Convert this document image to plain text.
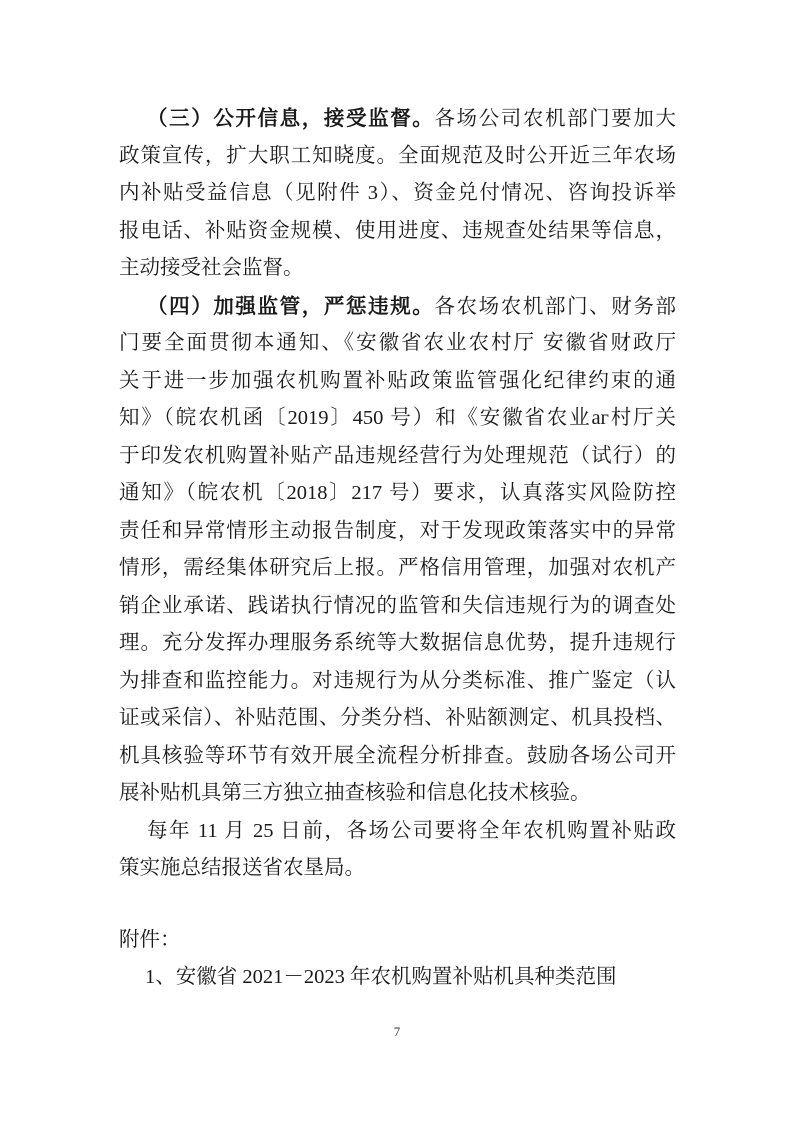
（三）公开信息，接受监督。各场公司农机部门要加大
政策宣传，扩大职工知晓度。全面规范及时公开近三年农场
内补贴受益信息（见附件 3）、资金兑付情况、咨询投诉举
报电话、补贴资金规模、使用进度、违规查处结果等信息，
主动接受社会监督。
（四）加强监管，严惩违规。各农场农机部门、财务部
门要全面贯彻本通知、《安徽省农业农村厅 安徽省财政厅
关于进一步加强农机购置补贴政策监管强化纪律约束的通
知》（皖农机函〔2019〕450 号）和《安徽省农业аг村厅关
于印发农机购置补贴产品违规经营行为处理规范（试行）的
通知》（皖农机〔2018〕217 号）要求，认真落实风险防控
责任和异常情形主动报告制度，对于发现政策落实中的异常
情形，需经集体研究后上报。严格信用管理，加强对农机产
销企业承诺、践诺执行情况的监管和失信违规行为的调查处
理。充分发挥办理服务系统等大数据信息优势，提升违规行
为排查和监控能力。对违规行为从分类标准、推广鉴定（认
证或采信）、补贴范围、分类分档、补贴额测定、机具投档、
机具核验等环节有效开展全流程分析排查。鼓励各场公司开
展补贴机具第三方独立抽查核验和信息化技术核验。
每年 11 月 25 日前，各场公司要将全年农机购置补贴政
策实施总结报送省农垦局。
附件：
1、安徽省 2021－2023 年农机购置补贴机具种类范围
7
